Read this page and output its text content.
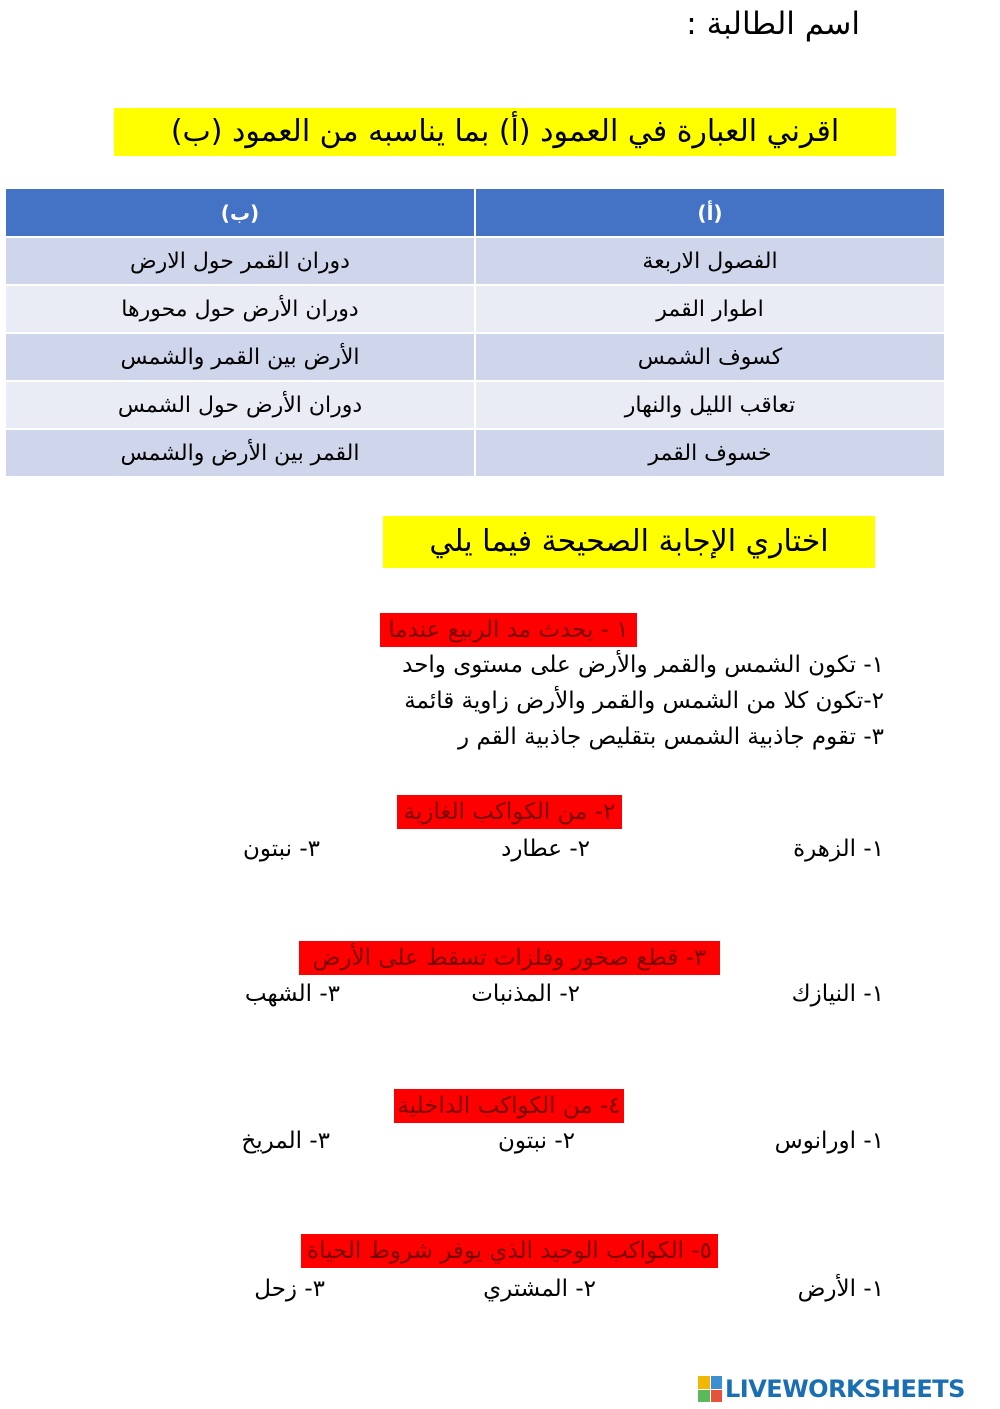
اسم الطالبة :
اقرني العبارة في العمود (أ) بما يناسبه من العمود (ب)
(ب)	(أ)
دوران القمر حول الارض	الفصول الاربعة
دوران الأرض حول محورها	اطوار القمر
الأرض بين القمر والشمس	كسوف الشمس
دوران الأرض حول الشمس	تعاقب الليل والنهار
القمر بين الأرض والشمس	خسوف القمر
اختاري الإجابة الصحيحة فيما يلي
١ - يحدث مد الربيع عندما
١- تكون الشمس والقمر والأرض على مستوى واحد
٢-تكون كلا من الشمس والقمر والأرض زاوية قائمة
٣- تقوم جاذبية الشمس بتقليص جاذبية القم ر
٢- من الكواكب الغازية
١- الزهرة
٢- عطارد
٣- نبتون
٣- قطع صخور وفلزات تسقط على الأرض
١- النيازك
٢- المذنبات
٣- الشهب
٤- من الكواكب الداخلية
١- اورانوس
٢- نبتون
٣- المريخ
٥- الكواكب الوحيد الذي يوفر شروط الحياة
١- الأرض
٢- المشتري
٣- زحل
LIVEWORKSHEETS
